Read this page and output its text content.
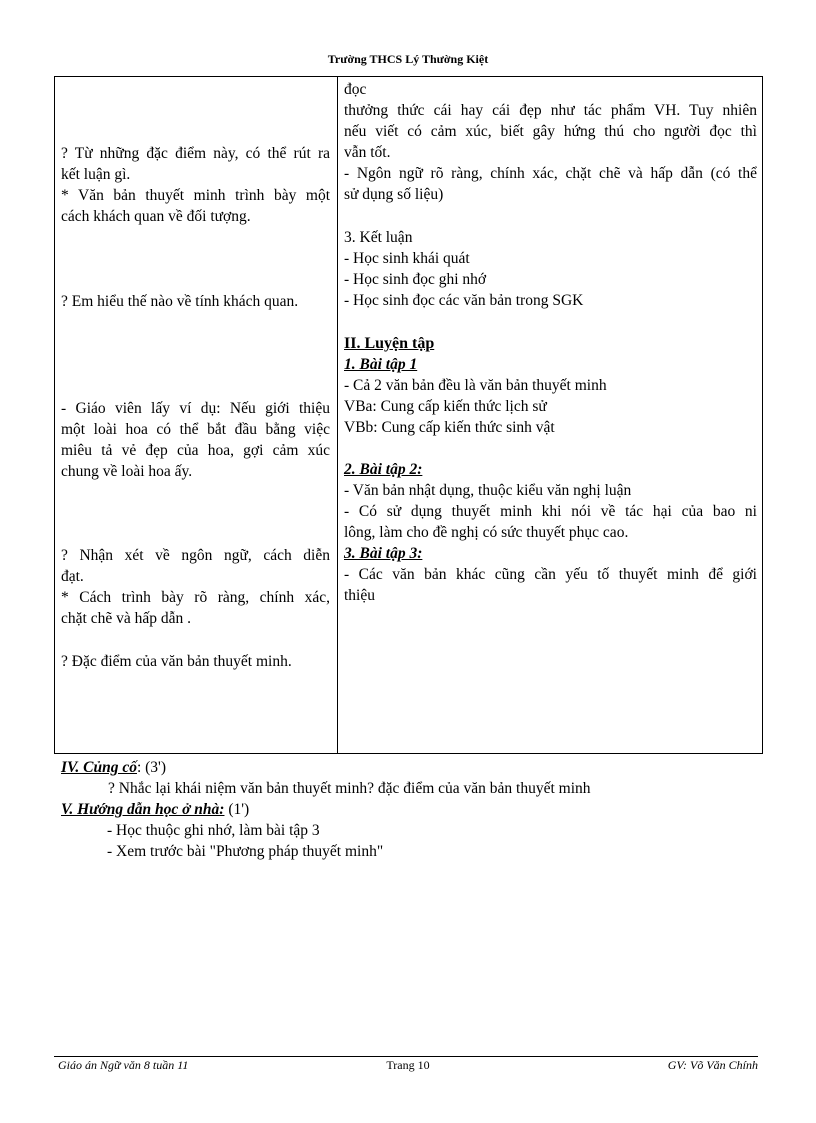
Trường THCS Lý Thường Kiệt
? Từ những đặc điểm này, có thể rút ra
kết luận gì.
* Văn bản thuyết minh trình bày một
cách khách quan về đối tượng.
? Em hiểu thế nào về tính khách quan.
- Giáo viên lấy ví dụ: Nếu giới thiệu
một loài hoa có thể bắt đầu bằng việc
miêu tả vẻ đẹp của hoa, gợi cảm xúc
chung về loài hoa ấy.
? Nhận xét về ngôn ngữ, cách diễn
đạt.
* Cách trình bày rõ ràng, chính xác,
chặt chẽ và hấp dẫn .
? Đặc điểm của văn bản thuyết minh.
đọc
thưởng thức cái hay cái đẹp như tác phẩm VH. Tuy nhiên
nếu viết có cảm xúc, biết gây hứng thú cho người đọc thì
vẫn tốt.
- Ngôn ngữ rõ ràng, chính xác, chặt chẽ và hấp dẫn (có thể
sử dụng số liệu)
3. Kết luận
- Học sinh khái quát
- Học sinh đọc ghi nhớ
- Học sinh đọc các văn bản trong SGK
II. Luyện tập
1. Bài tập 1
- Cả 2 văn bản đều là văn bản thuyết minh
VBa: Cung cấp kiến thức lịch sử
VBb: Cung cấp kiến thức sinh vật
2. Bài tập 2:
- Văn bản nhật dụng, thuộc kiểu văn nghị luận
- Có sử dụng thuyết minh khi nói về tác hại của bao ni
lông, làm cho đề nghị có sức thuyết phục cao.
3. Bài tập 3:
- Các văn bản khác cũng cần yếu tố thuyết minh để giới
thiệu
IV. Củng cố: (3')
? Nhắc lại khái niệm văn bản thuyết minh? đặc điểm của văn bản thuyết minh
V. Hướng dẫn học ở nhà: (1')
- Học thuộc ghi nhớ, làm bài tập 3
- Xem trước bài "Phương pháp thuyết minh"
Giáo án Ngữ văn 8 tuần 11	Trang 10	GV: Võ Văn Chính
